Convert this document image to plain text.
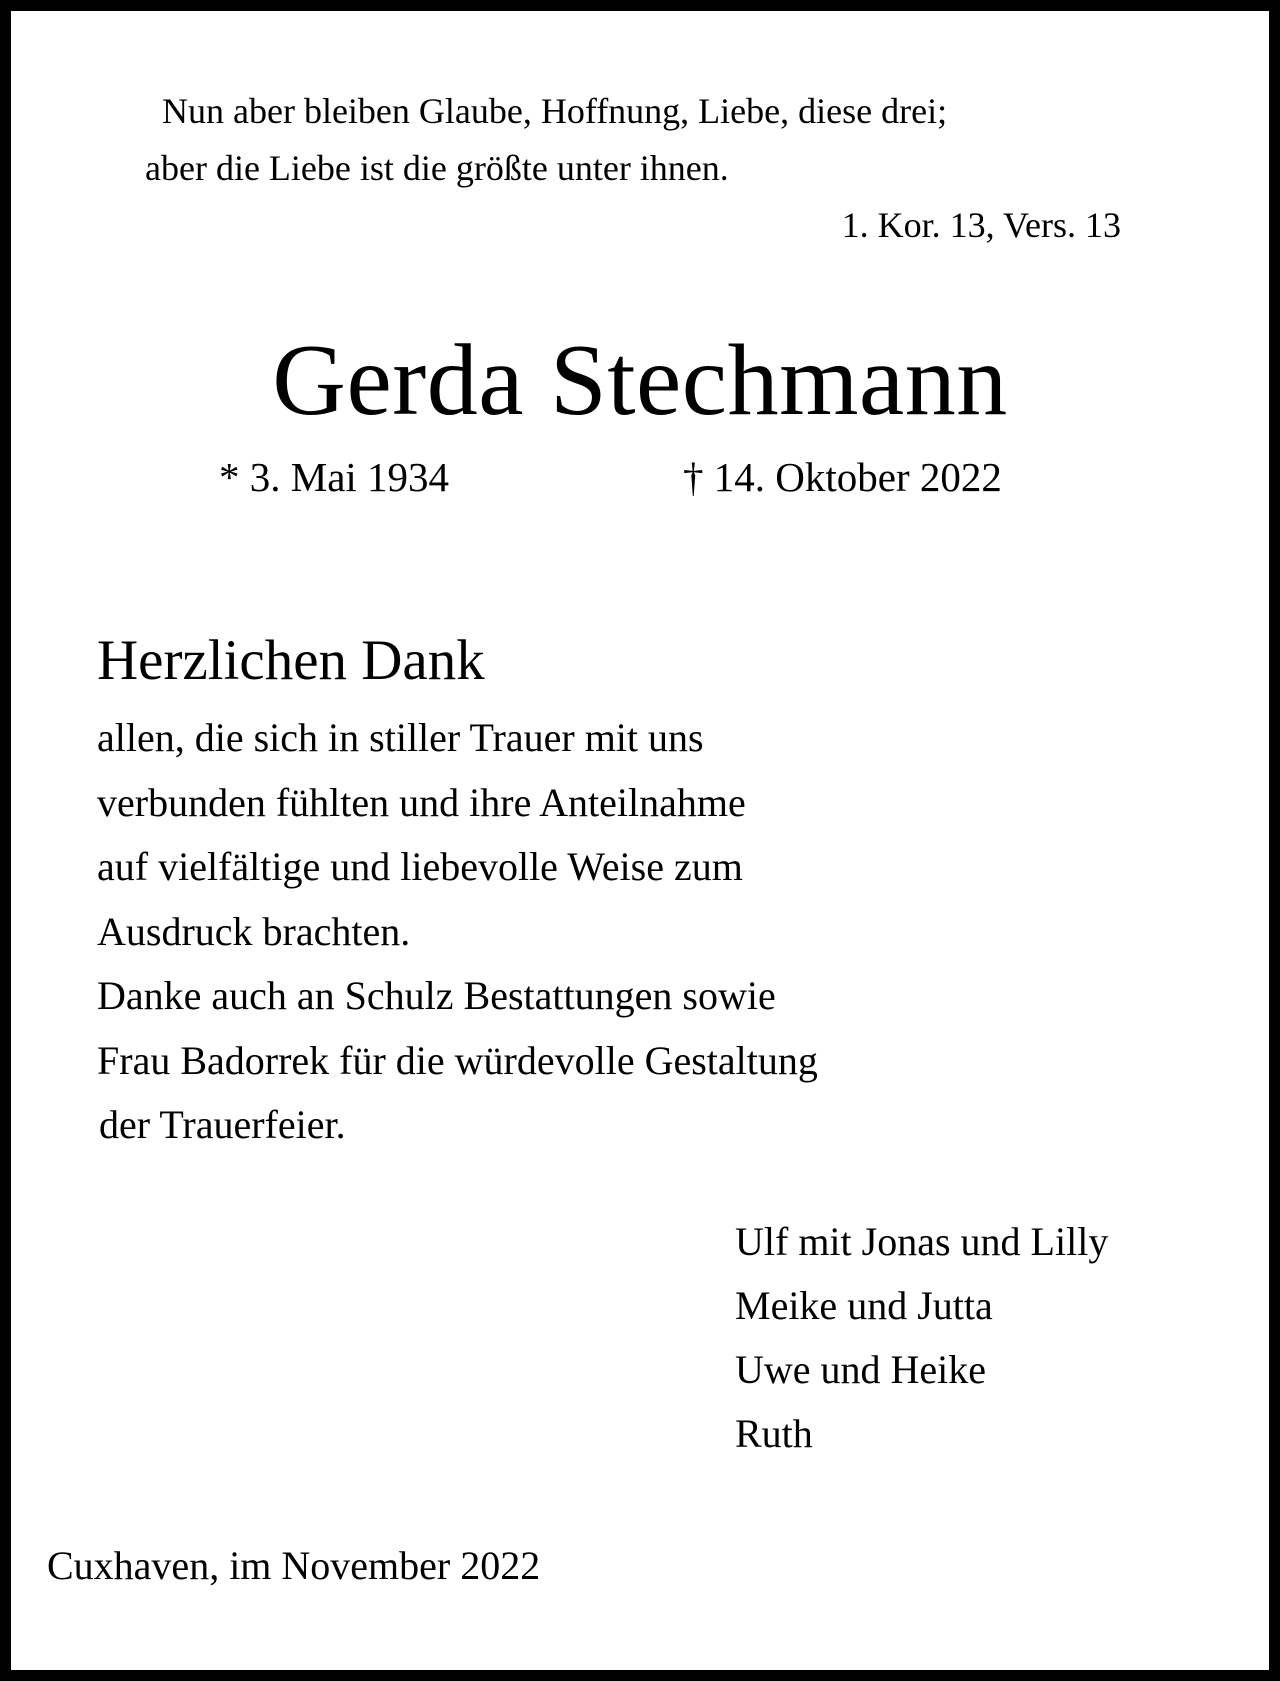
Nun aber bleiben Glaube, Hoffnung, Liebe, diese drei;
aber die Liebe ist die größte unter ihnen.
1. Kor. 13, Vers. 13
Gerda Stechmann
* 3. Mai 1934	† 14. Oktober 2022
Herzlichen Dank
allen, die sich in stiller Trauer mit uns
verbunden fühlten und ihre Anteilnahme
auf vielfältige und liebevolle Weise zum
Ausdruck brachten.
Danke auch an Schulz Bestattungen sowie
Frau Badorrek für die würdevolle Gestaltung
der Trauerfeier.
Ulf mit Jonas und Lilly
Meike und Jutta
Uwe und Heike
Ruth
Cuxhaven, im November 2022
